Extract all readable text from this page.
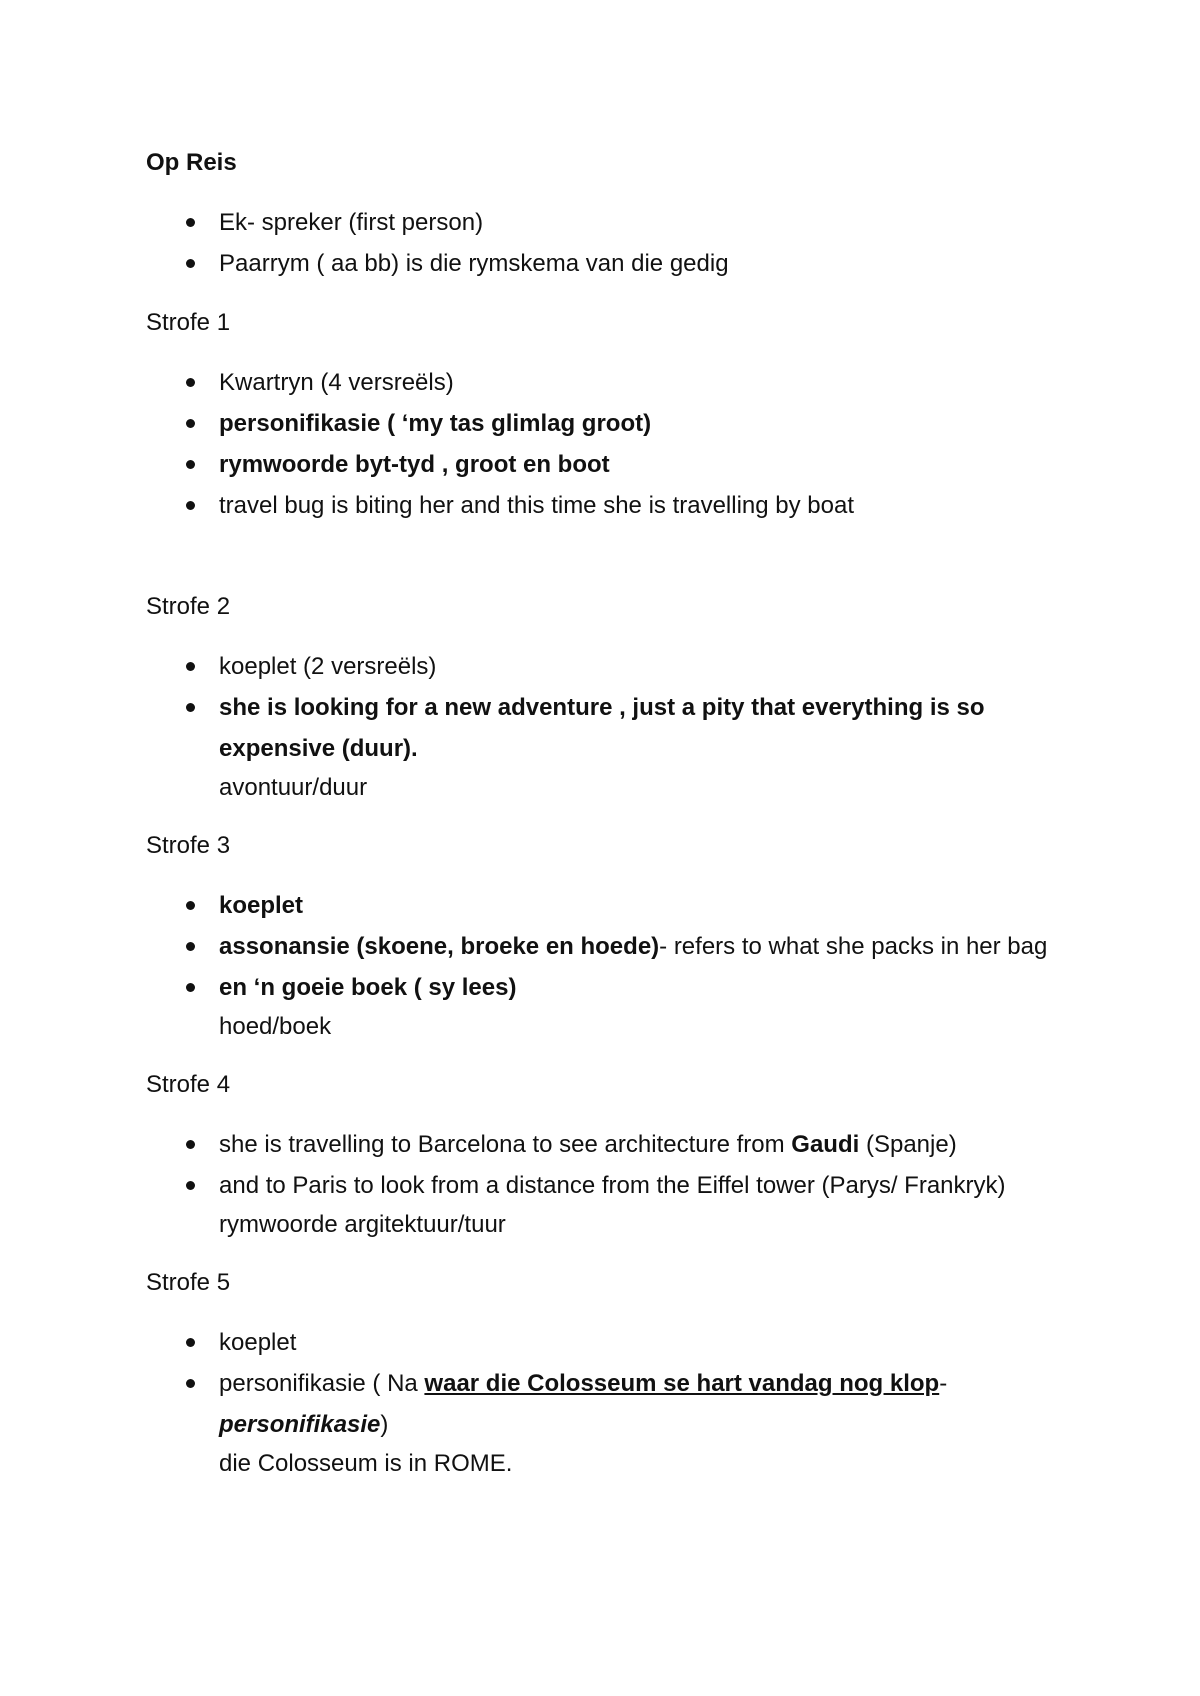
Op Reis
Ek- spreker (first person)
Paarrym ( aa bb) is die rymskema van die gedig
Strofe 1
Kwartryn (4 versreëls)
personifikasie ( ‘my tas glimlag groot)
rymwoorde byt-tyd , groot en boot
travel bug is biting her and this time she is travelling by boat
Strofe 2
koeplet (2 versreëls)
she is looking for a new adventure , just a pity that everything is so expensive (duur).
avontuur/duur
Strofe 3
koeplet
assonansie (skoene, broeke en hoede)- refers to what she packs in her bag
en ‘n goeie boek ( sy lees)
hoed/boek
Strofe 4
she is travelling to Barcelona to see architecture from Gaudi (Spanje)
and to Paris to look from a distance from the Eiffel tower (Parys/ Frankryk)
rymwoorde argitektuur/tuur
Strofe 5
koeplet
personifikasie ( Na waar die Colosseum se hart vandag nog klop-personifikasie)
die Colosseum is in ROME.
